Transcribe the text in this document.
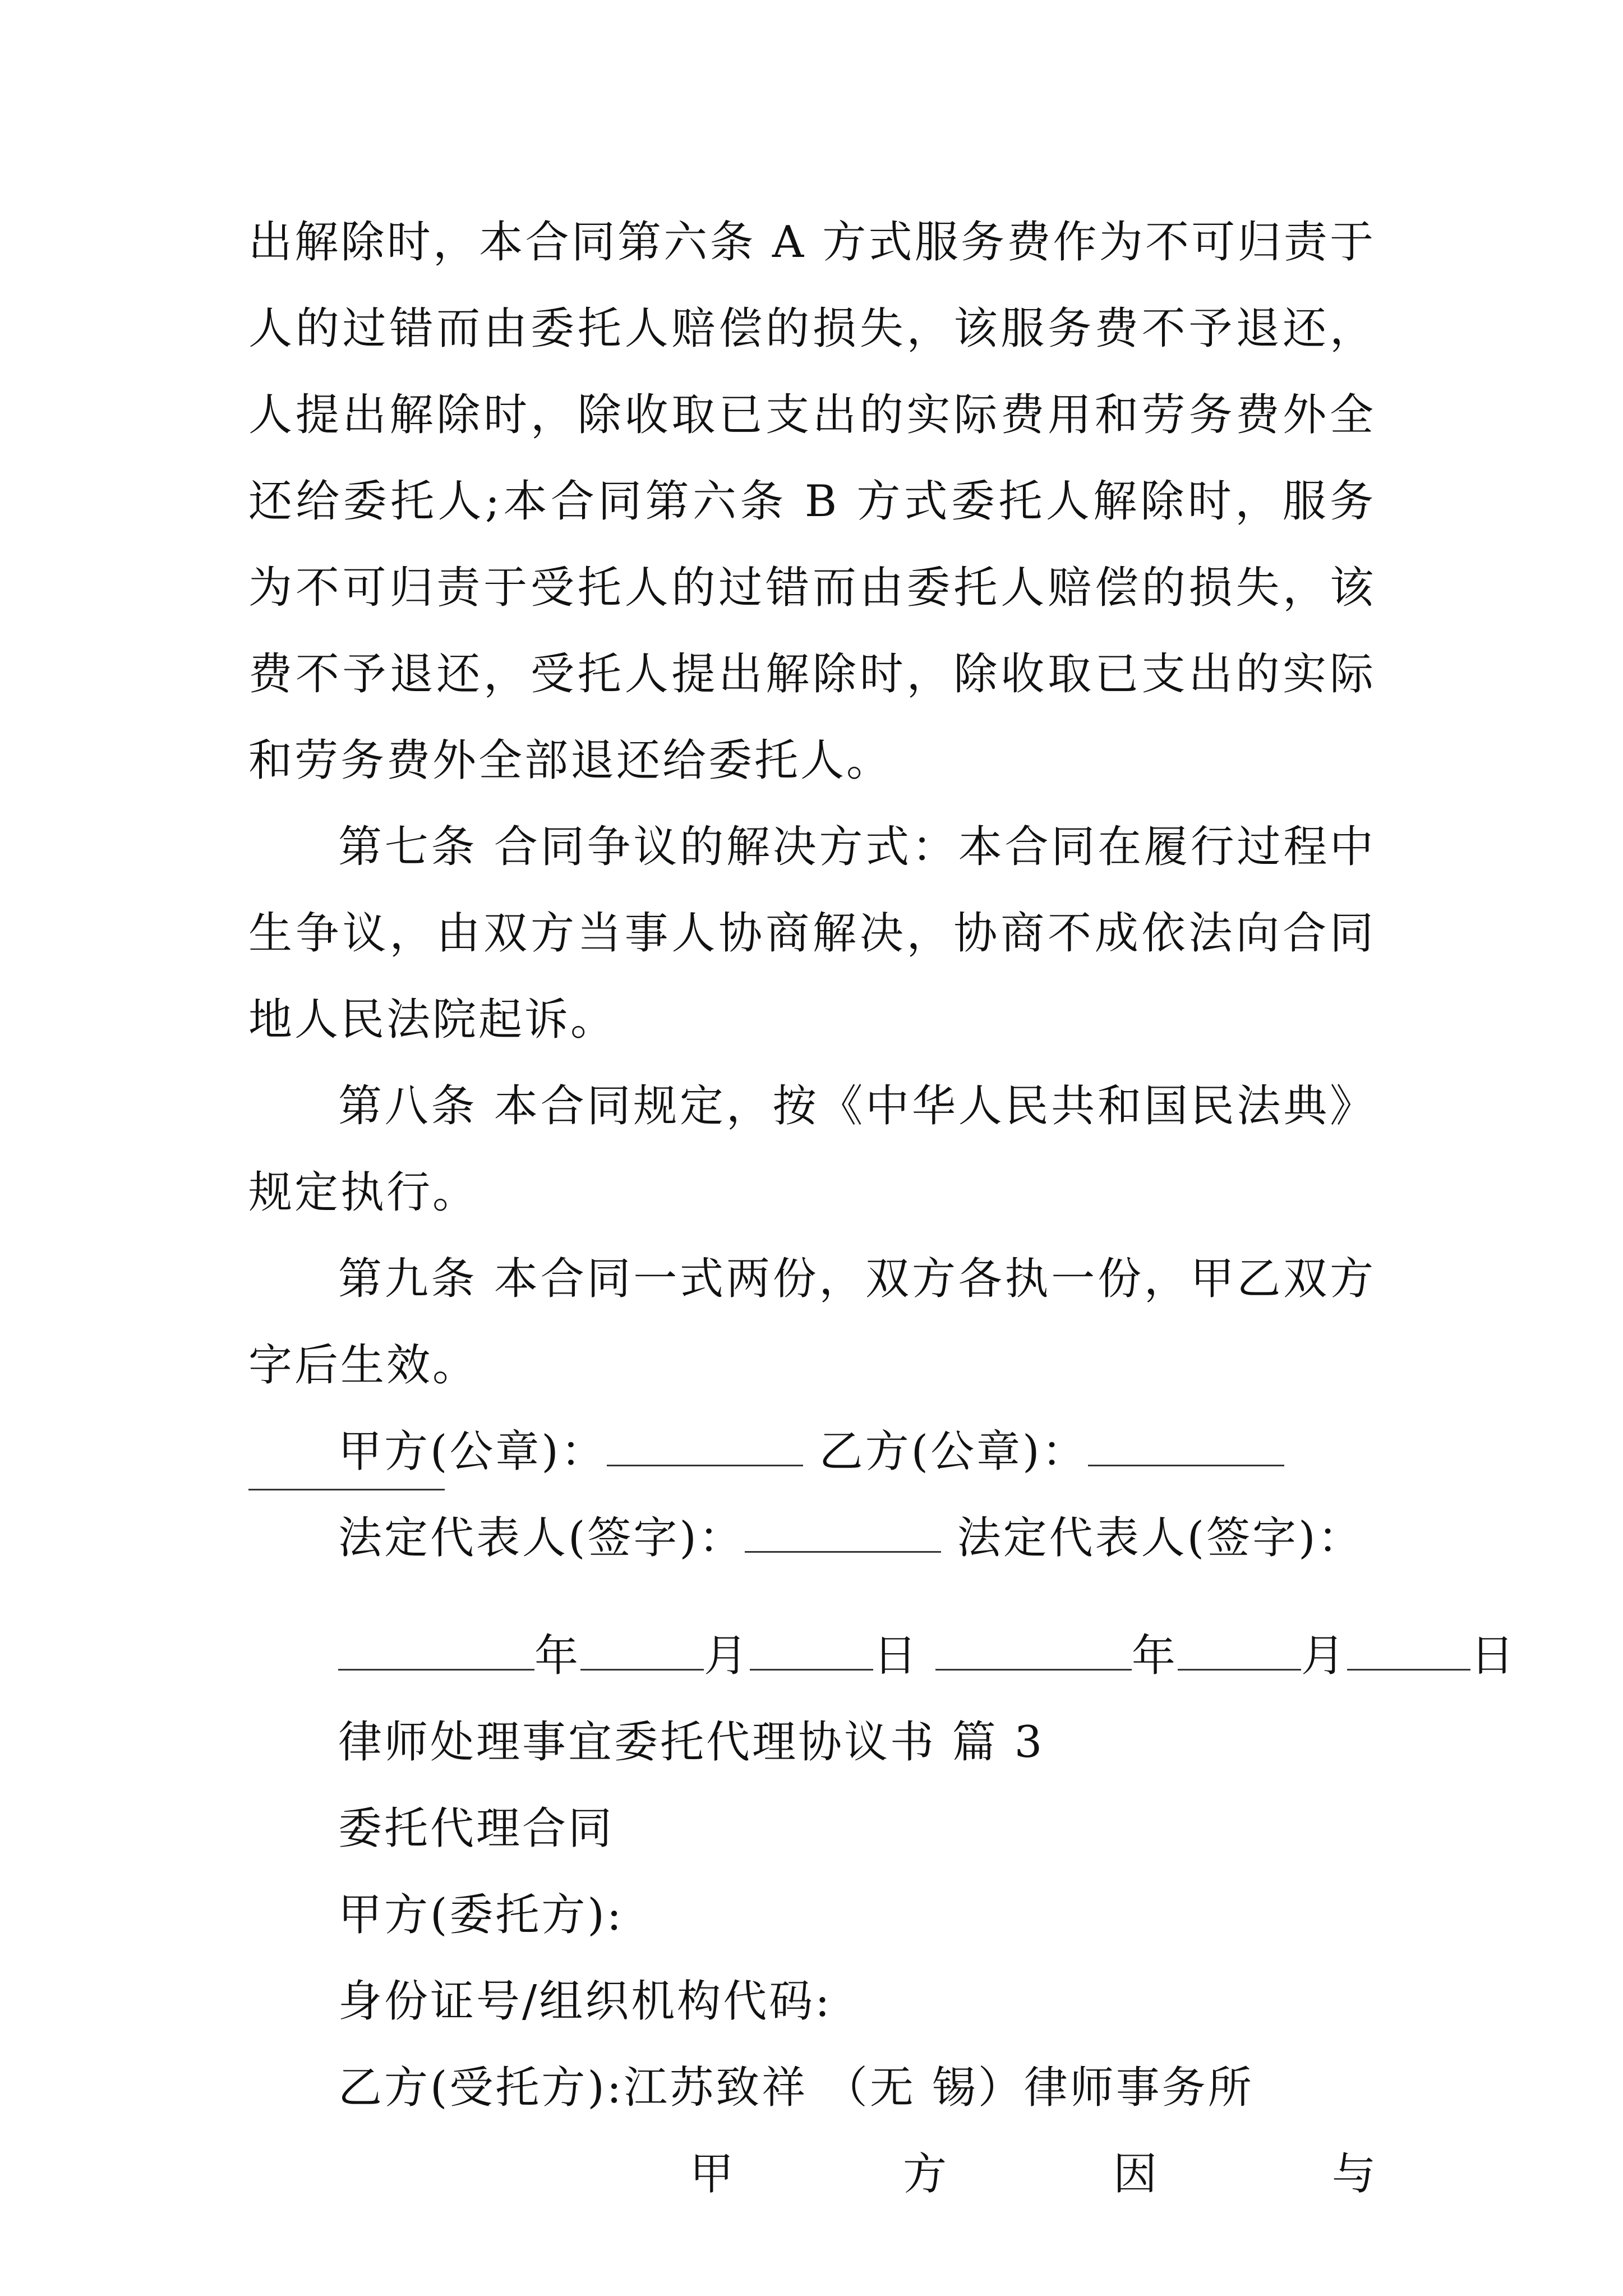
出解除时，本合同第六条 A 方式服务费作为不可归责于
人的过错而由委托人赔偿的损失，该服务费不予退还，
人提出解除时，除收取已支出的实际费用和劳务费外全
还给委托人;本合同第六条 B 方式委托人解除时，服务
为不可归责于受托人的过错而由委托人赔偿的损失，该
费不予退还，受托人提出解除时，除收取已支出的实际
和劳务费外全部退还给委托人。
第七条 合同争议的解决方式：本合同在履行过程中
生争议，由双方当事人协商解决，协商不成依法向合同
地人民法院起诉。
第八条 本合同规定，按《中华人民共和国民法典》
规定执行。
第九条 本合同一式两份，双方各执一份，甲乙双方
字后生效。
甲方(公章)：	乙方(公章)：
法定代表人(签字)：	法定代表人(签字)：
年	月	日	年	月	日
律师处理事宜委托代理协议书 篇 3
委托代理合同
甲方(委托方):
身份证号/组织机构代码:
乙方(受托方):江苏致祥 （无 锡）律师事务所
甲	方	因	与
